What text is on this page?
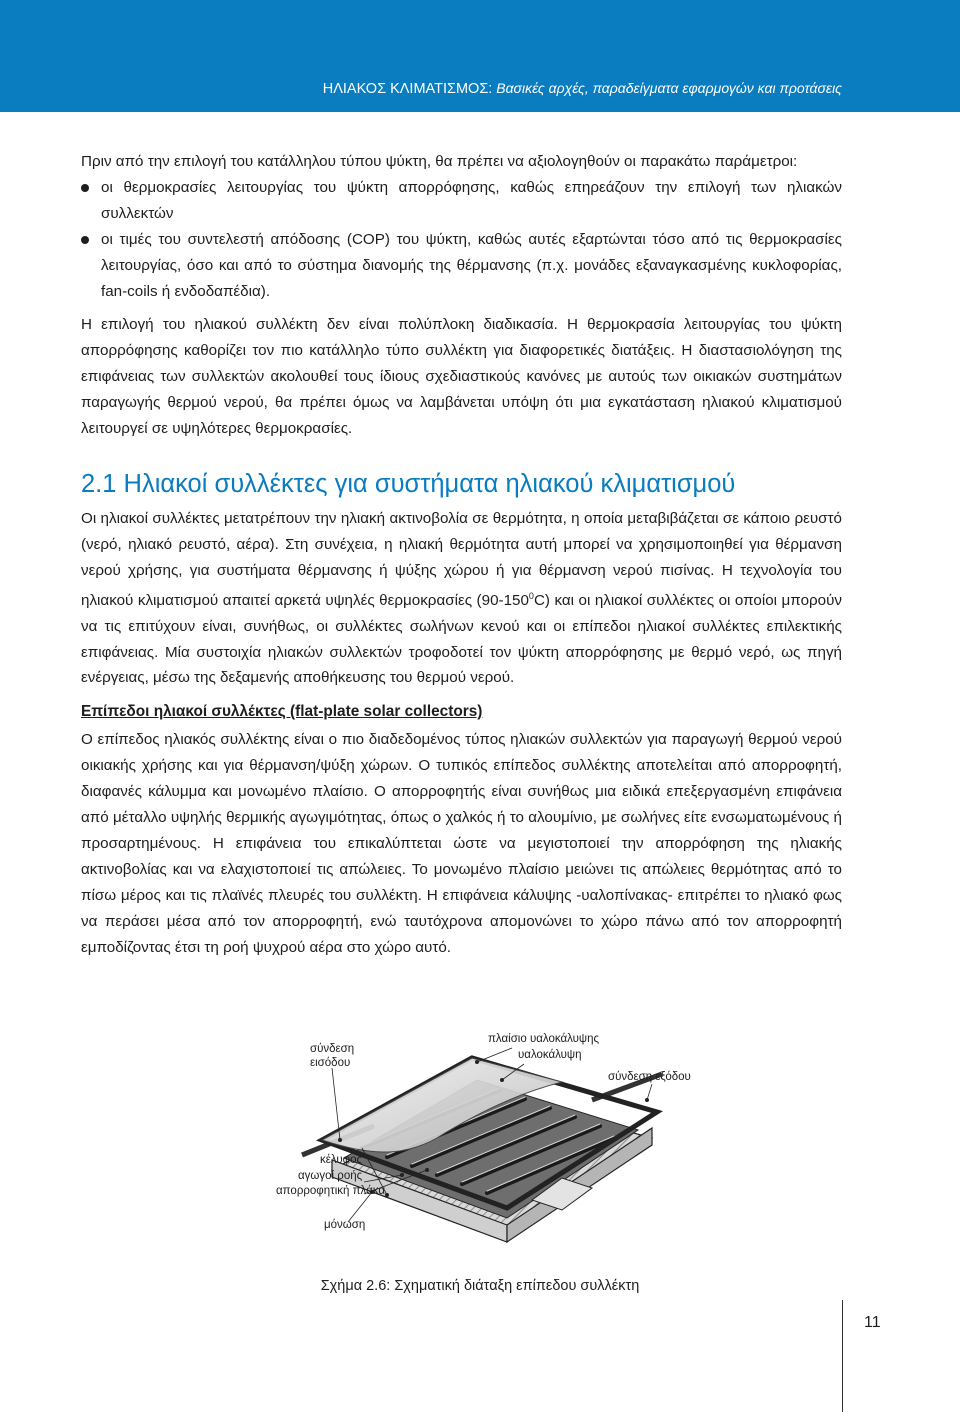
ΗΛΙΑΚΟΣ ΚΛΙΜΑΤΙΣΜΟΣ: Βασικές αρχές, παραδείγματα εφαρμογών και προτάσεις

Πριν από την επιλογή του κατάλληλου τύπου ψύκτη, θα πρέπει να αξιολογηθούν οι παρακάτω παράμετροι:

οι θερμοκρασίες λειτουργίας του ψύκτη απορρόφησης, καθώς επηρεάζουν την επιλογή των ηλιακών συλλεκτών
οι τιμές του συντελεστή απόδοσης (COP) του ψύκτη, καθώς αυτές εξαρτώνται τόσο από τις θερμοκρασίες λειτουργίας, όσο και από το σύστημα διανομής της θέρμανσης (π.χ. μονάδες εξαναγκασμένης κυκλοφορίας, fan-coils ή ενδοδαπέδια).

Η επιλογή του ηλιακού συλλέκτη δεν είναι πολύπλοκη διαδικασία. Η θερμοκρασία λειτουργίας του ψύκτη απορρόφησης καθορίζει τον πιο κατάλληλο τύπο συλλέκτη για διαφορετικές διατάξεις. Η διαστασιολόγηση της επιφάνειας των συλλεκτών ακολουθεί τους ίδιους σχεδιαστικούς κανόνες με αυτούς των οικιακών συστημάτων παραγωγής θερμού νερού, θα πρέπει όμως να λαμβάνεται υπόψη ότι μια εγκατάσταση ηλιακού κλιματισμού λειτουργεί σε υψηλότερες θερμοκρασίες.

2.1 Ηλιακοί συλλέκτες για συστήματα ηλιακού κλιματισμού

Οι ηλιακοί συλλέκτες μετατρέπουν την ηλιακή ακτινοβολία σε θερμότητα, η οποία μεταβιβάζεται σε κάποιο ρευστό (νερό, ηλιακό ρευστό, αέρα). Στη συνέχεια, η ηλιακή θερμότητα αυτή μπορεί να χρησιμοποιηθεί για θέρμανση νερού χρήσης, για συστήματα θέρμανσης ή ψύξης χώρου ή για θέρμανση νερού πισίνας. Η τεχνολογία του ηλιακού κλιματισμού απαιτεί αρκετά υψηλές θερμοκρασίες $(90-150^0C)$ και οι ηλιακοί συλλέκτες οι οποίοι μπορούν να τις επιτύχουν είναι, συνήθως, οι συλλέκτες σωλήνων κενού και οι επίπεδοι ηλιακοί συλλέκτες επιλεκτικής επιφάνειας. Μία συστοιχία ηλιακών συλλεκτών τροφοδοτεί τον ψύκτη απορρόφησης με θερμό νερό, ως πηγή ενέργειας, μέσω της δεξαμενής αποθήκευσης του θερμού νερού.

Επίπεδοι ηλιακοί συλλέκτες (flat-plate solar collectors)

Ο επίπεδος ηλιακός συλλέκτης είναι ο πιο διαδεδομένος τύπος ηλιακών συλλεκτών για παραγωγή θερμού νερού οικιακής χρήσης και για θέρμανση/ψύξη χώρων. Ο τυπικός επίπεδος συλλέκτης αποτελείται από απορροφητή, διαφανές κάλυμμα και μονωμένο πλαίσιο. Ο απορροφητής είναι συνήθως μια ειδικά επεξεργασμένη επιφάνεια από μέταλλο υψηλής θερμικής αγωγιμότητας, όπως ο χαλκός ή το αλουμίνιο, με σωλήνες είτε ενσωματωμένους ή προσαρτημένους. Η επιφάνεια του επικαλύπτεται ώστε να μεγιστοποιεί την απορρόφηση της ηλιακής ακτινοβολίας και να ελαχιστοποιεί τις απώλειες. Το μονωμένο πλαίσιο μειώνει τις απώλειες θερμότητας από το πίσω μέρος και τις πλαϊνές πλευρές του συλλέκτη. Η επιφάνεια κάλυψης -υαλοπίνακας- επιτρέπει το ηλιακό φως να περάσει μέσα από τον απορροφητή, ενώ ταυτόχρονα απομονώνει το χώρο πάνω από τον απορροφητή εμποδίζοντας έτσι τη ροή ψυχρού αέρα στο χώρο αυτό.

σύνδεση εισόδου
πλαίσιο υαλοκάλυψης
υαλοκάλυψη
σύνδεση εξόδου
κέλυφος
αγωγοί ροής
απορροφητική πλάκα
μόνωση
Σχήμα 2.6: Σχηματική διάταξη επίπεδου συλλέκτη
11
